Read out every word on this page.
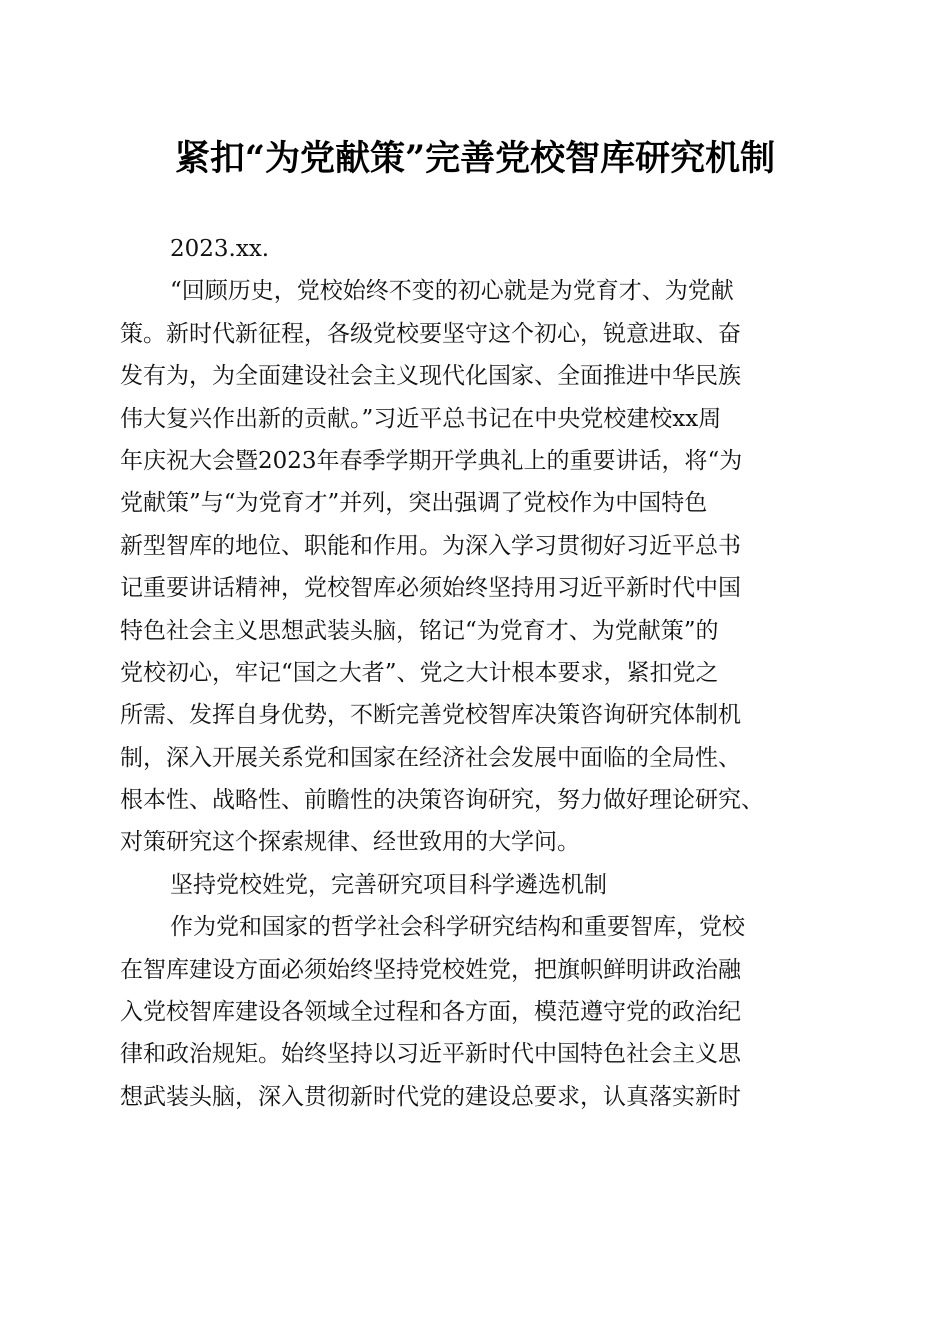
紧扣“为党献策”完善党校智库研究机制
2023.xx.
“回顾历史，党校始终不变的初心就是为党育才、为党献
策。新时代新征程，各级党校要坚守这个初心，锐意进取、奋
发有为，为全面建设社会主义现代化国家、全面推进中华民族
伟大复兴作出新的贡献。”习近平总书记在中央党校建校xx周
年庆祝大会暨2023年春季学期开学典礼上的重要讲话，将“为
党献策”与“为党育才”并列，突出强调了党校作为中国特色
新型智库的地位、职能和作用。为深入学习贯彻好习近平总书
记重要讲话精神，党校智库必须始终坚持用习近平新时代中国
特色社会主义思想武装头脑，铭记“为党育才、为党献策”的
党校初心，牢记“国之大者”、党之大计根本要求，紧扣党之
所需、发挥自身优势，不断完善党校智库决策咨询研究体制机
制，深入开展关系党和国家在经济社会发展中面临的全局性、
根本性、战略性、前瞻性的决策咨询研究，努力做好理论研究、
对策研究这个探索规律、经世致用的大学问。
坚持党校姓党，完善研究项目科学遴选机制
作为党和国家的哲学社会科学研究结构和重要智库，党校
在智库建设方面必须始终坚持党校姓党，把旗帜鲜明讲政治融
入党校智库建设各领域全过程和各方面，模范遵守党的政治纪
律和政治规矩。始终坚持以习近平新时代中国特色社会主义思
想武装头脑，深入贯彻新时代党的建设总要求，认真落实新时
